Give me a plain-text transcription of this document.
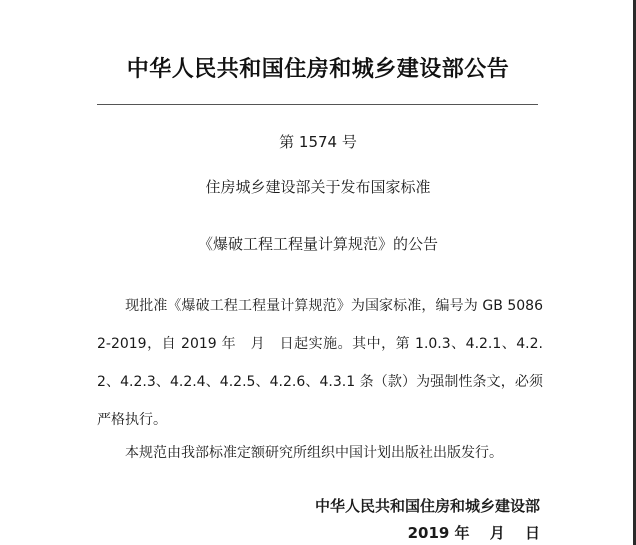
中华人民共和国住房和城乡建设部公告
第 1574 号
住房城乡建设部关于发布国家标准
《爆破工程工程量计算规范》的公告
现批准《爆破工程工程量计算规范》为国家标准，编号为 GB 50862-2019，自 2019 年　月　日起实施。其中，第 1.0.3、4.2.1、4.2.2、4.2.3、4.2.4、4.2.5、4.2.6、4.3.1 条（款）为强制性条文，必须严格执行。
本规范由我部标准定额研究所组织中国计划出版社出版发行。
中华人民共和国住房和城乡建设部
2019 年　 月　 日
